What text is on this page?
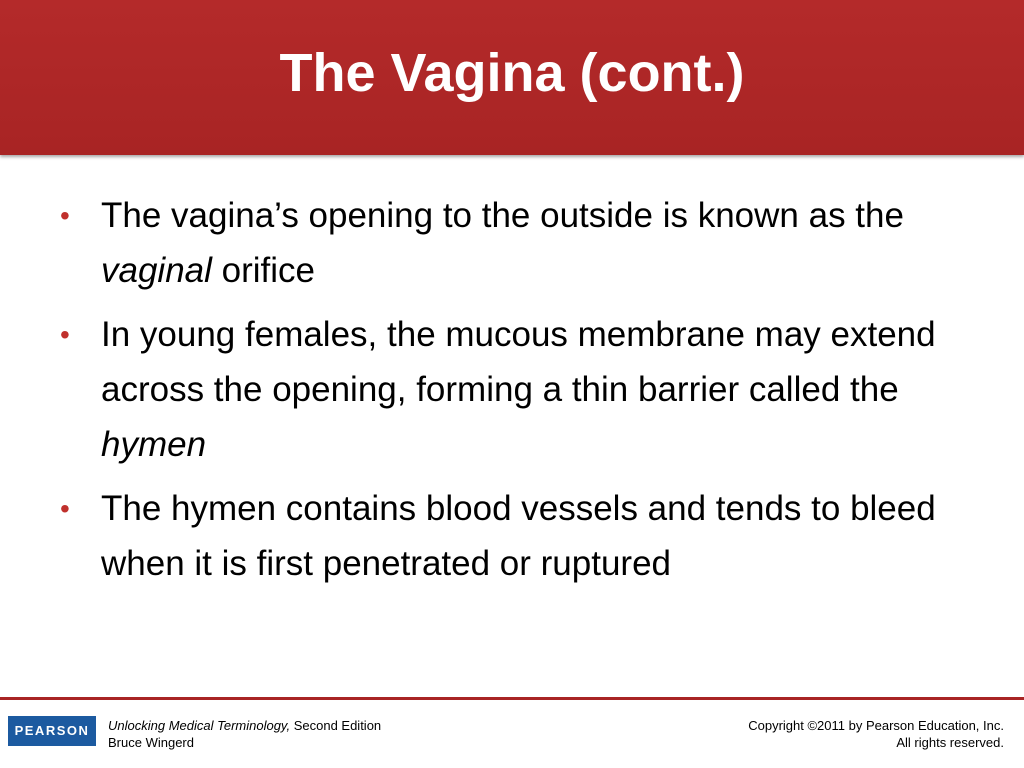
The Vagina (cont.)
• The vagina’s opening to the outside is known as the vaginal orifice
• In young females, the mucous membrane may extend across the opening, forming a thin barrier called the hymen
• The hymen contains blood vessels and tends to bleed when it is first penetrated or ruptured
PEARSON	Unlocking Medical Terminology, Second Edition
Bruce Wingerd
Copyright ©2011 by Pearson Education, Inc.
All rights reserved.
